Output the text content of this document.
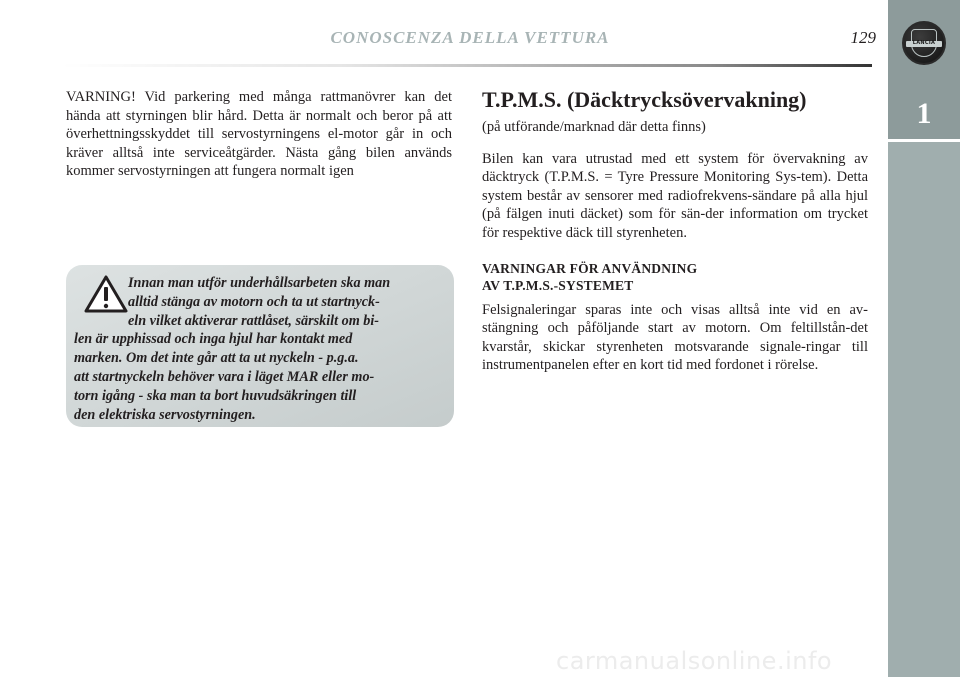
CONOSCENZA DELLA VETTURA	129	LANCIA
1

VARNING! Vid parkering med många rattmanövrer kan det hända att styrningen blir hård. Detta är normalt och beror på att överhettningsskyddet till servostyrningens el-motor går in och kräver alltså inte serviceåtgärder. Nästa gång bilen används kommer servostyrningen att fungera normalt igen

Innan man utför underhållsarbeten ska man
alltid stänga av motorn och ta ut startnyck-
eln vilket aktiverar rattlåset, särskilt om bi-
len är upphissad och inga hjul har kontakt med
marken. Om det inte går att ta ut nyckeln - p.g.a.
att startnyckeln behöver vara i läget MAR eller mo-
torn igång - ska man ta bort huvudsäkringen till
den elektriska servostyrningen.
T.P.M.S. (Däcktrycksövervakning)

(på utförande/marknad där detta finns)

Bilen kan vara utrustad med ett system för övervakning av däcktryck (T.P.M.S. = Tyre Pressure Monitoring Sys-tem). Detta system består av sensorer med radiofrekvens-sändare på alla hjul (på fälgen inuti däcket) som för sän-der information om trycket för respektive däck till styrenheten.

VARNINGAR FÖR ANVÄNDNING
AV T.P.M.S.-SYSTEMET

Felsignaleringar sparas inte och visas alltså inte vid en av-stängning och påföljande start av motorn. Om feltillstån-det kvarstår, skickar styrenheten motsvarande signale-ringar till instrumentpanelen efter en kort tid med fordonet i rörelse.

carmanualsonline.info
